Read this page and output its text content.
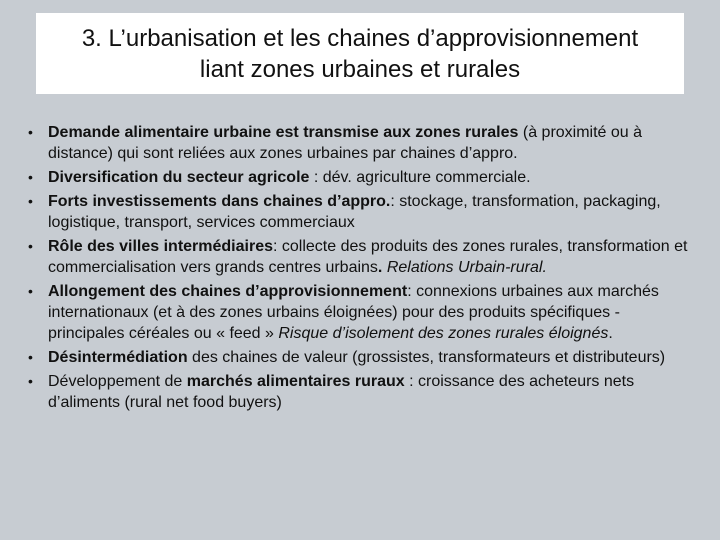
3. L’urbanisation et les chaines d’approvisionnement
liant zones urbaines et rurales
• Demande alimentaire urbaine est transmise aux zones rurales (à proximité ou à distance) qui sont reliées aux zones urbaines par chaines d’appro.
• Diversification du secteur agricole : dév. agriculture commerciale.
• Forts investissements dans chaines d’appro.: stockage, transformation, packaging, logistique, transport, services commerciaux
• Rôle des villes intermédiaires: collecte des produits des zones rurales, transformation et commercialisation vers grands centres urbains. Relations Urbain-rural.
• Allongement des chaines d’approvisionnement: connexions urbaines aux marchés internationaux (et à des zones urbains éloignées) pour des produits spécifiques - principales céréales ou « feed » Risque d’isolement des zones rurales éloignés.
• Désintermédiation des chaines de valeur (grossistes, transformateurs et distributeurs)
• Développement de marchés alimentaires ruraux : croissance des acheteurs nets d’aliments (rural net food buyers)
